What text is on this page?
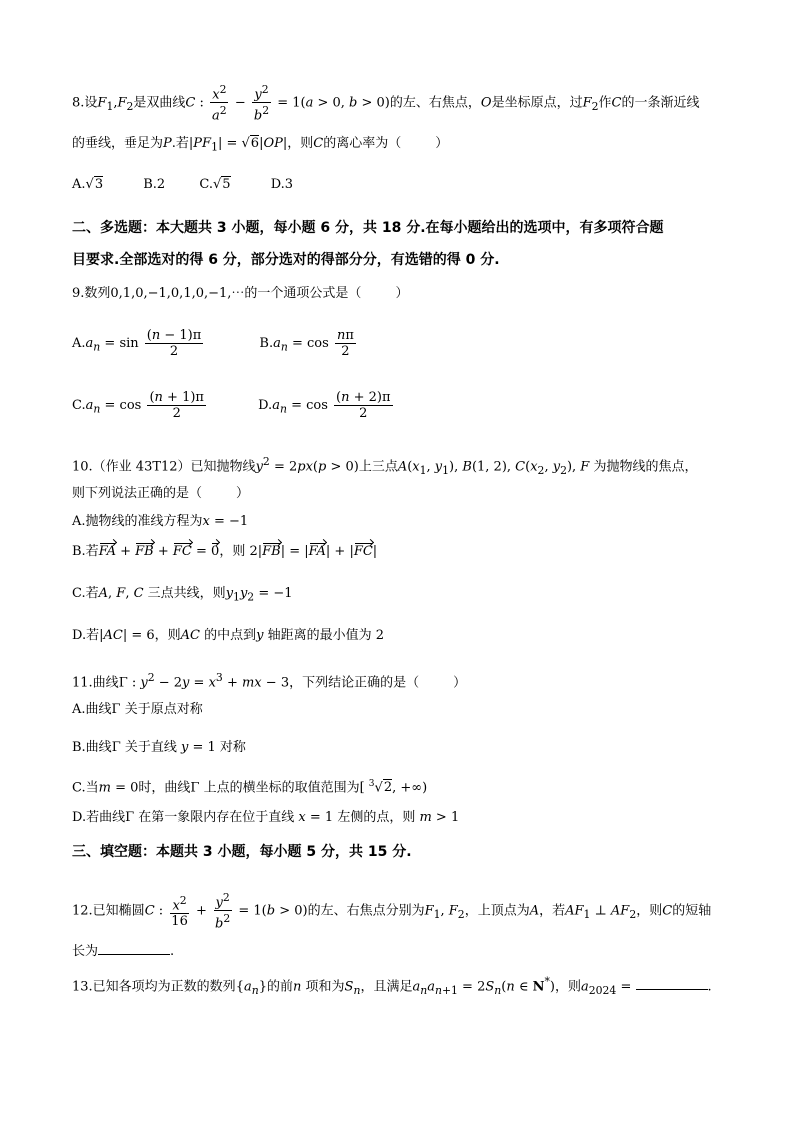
8.设$F_1,F_2$是双曲线C : $\frac{x^2}{a^2} - \frac{y^2}{b^2} = 1(a > 0$, b > 0)的左、右焦点，O是坐标原点，过$F_2$作C的一条渐近线
的垂线，垂足为P.若$|PF_1| = √6|OP|$，则C的离心率为（	）
A.√3	B.2	C.√5	D.3
二、多选题：本大题共 3 小题，每小题 6 分，共 18 分.在每小题给出的选项中，有多项符合题
目要求.全部选对的得 6 分，部分选对的得部分分，有选错的得 0 分.
9.数列0,1,0,−1,0,1,0,−1,⋯的一个通项公式是（	）
$A.a_n = \sin \frac{(n - 1)\pi}{2}$	$B.a_n = \cos \frac{n\pi}{2}$
$C.a_n = \cos \frac{(n + 1)\pi}{2}$	$D.a_n = \cos \frac{(n + 2)\pi}{2}$
10.（作业 43T12）已知抛物线$y^2 = 2px(p > 0)$上三点$A(x_1$, $y_1$), B(1, 2), $C(x_2$, $y_2$), F 为抛物线的焦点，
则下列说法正确的是（	）
A.抛物线的准线方程为x = −1
B.若FA + FB + FC = 0，则 2|FB| = |FA| + |FC|
C.若A, F, C 三点共线，则$y_1y_2 = -1$
D.若|AC| = 6，则AC 的中点到y 轴距离的最小值为 2
11.曲线Γ : $y^2 - 2y = x^3$ + mx − 3，下列结论正确的是（	）
A.曲线Γ 关于原点对称
B.曲线Γ 关于直线 y = 1 对称
C.当m = 0时，曲线Γ 上点的横坐标的取值范围为[ $^3$√2, +∞)
D.若曲线Γ 在第一象限内存在位于直线 x = 1 左侧的点，则 m > 1
三、填空题：本题共 3 小题，每小题 5 分，共 15 分.
12.已知椭圆C : $\frac{x^2}{16} + \frac{y^2}{b^2} = 1(b > 0)$的左、右焦点分别为$F_1$, $F_2$，上顶点为A，若$AF_1$ ⊥ $AF_2$，则C的短轴
长为	.
13.已知各项均为正数的数列$\{a_n\}$的前n 项和为$S_n$，且满足$a_na_{n+1} = 2S_n(n$ ∈ N*)，则$a_{2024}$ =	.
